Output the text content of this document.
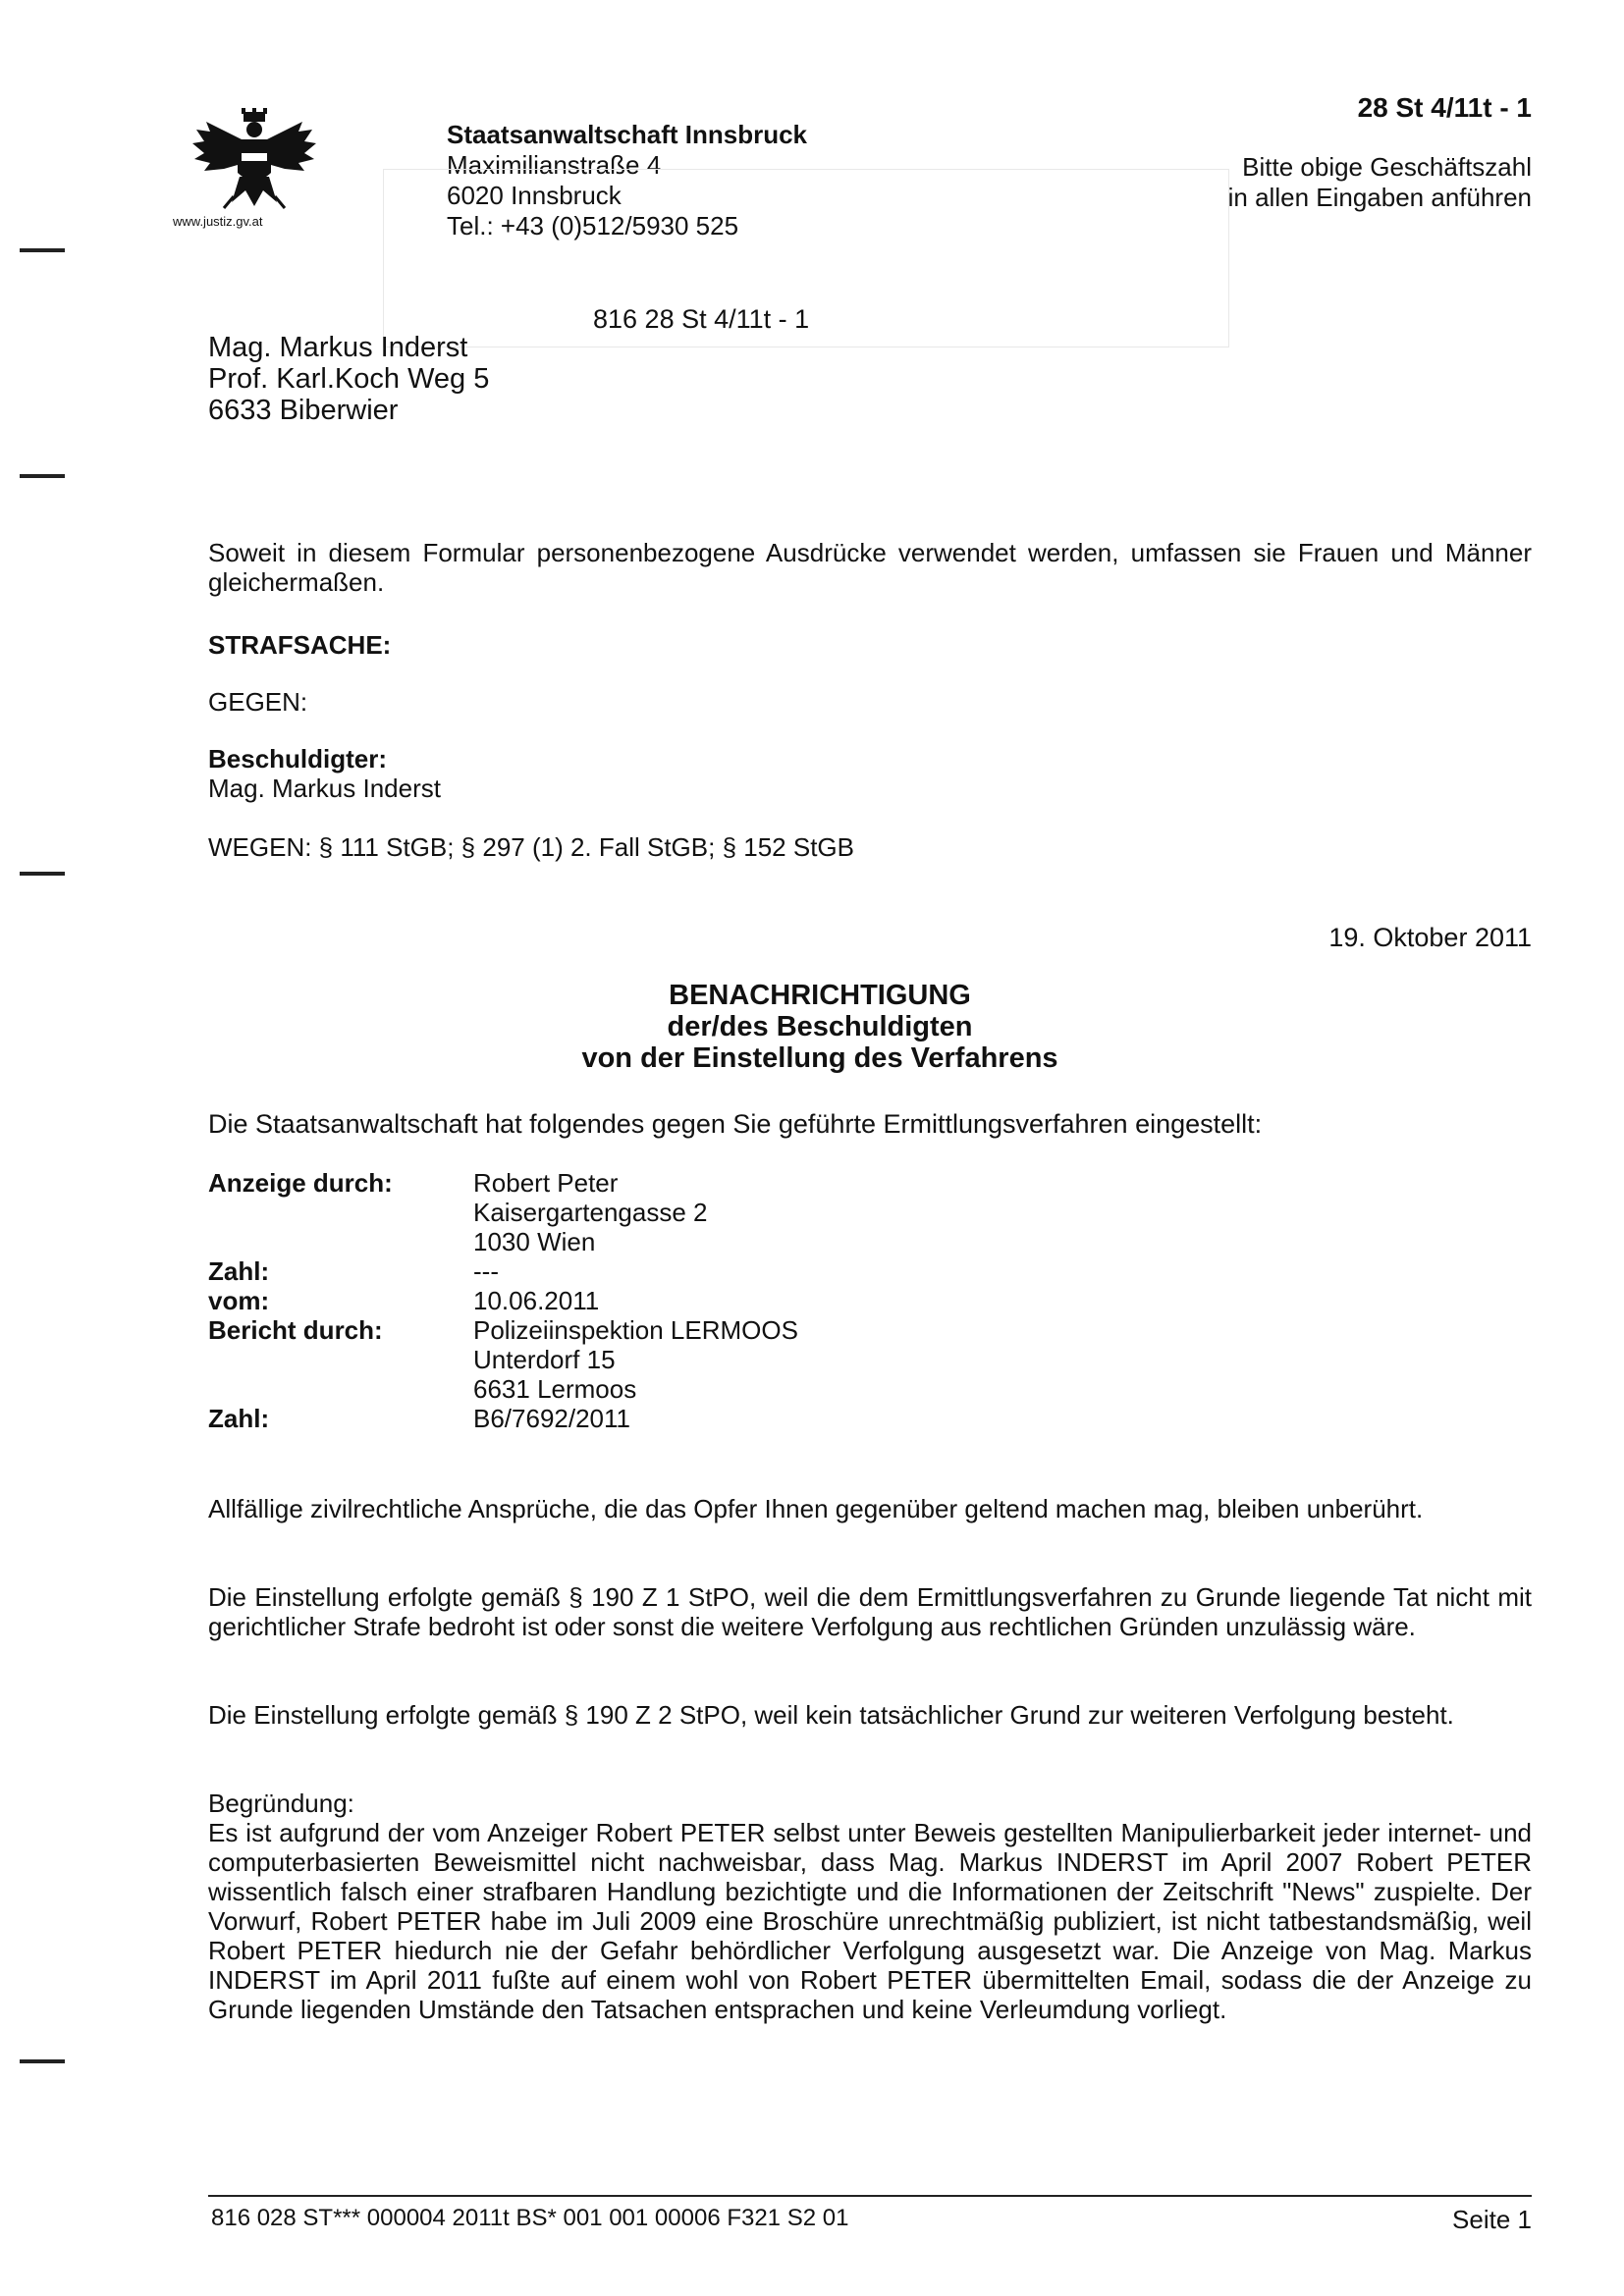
www.justiz.gv.at
Staatsanwaltschaft Innsbruck
Maximilianstraße 4
6020 Innsbruck
Tel.: +43 (0)512/5930 525
28 St 4/11t - 1
Bitte obige Geschäftszahl
in allen Eingaben anführen
816 28 St 4/11t - 1
Mag. Markus Inderst
Prof. Karl.Koch Weg 5
6633 Biberwier
Soweit in diesem Formular personenbezogene Ausdrücke verwendet werden, umfassen sie Frauen und Männer gleichermaßen.
STRAFSACHE:
GEGEN:
Beschuldigter:
Mag. Markus Inderst
WEGEN: § 111 StGB; § 297 (1) 2. Fall StGB; § 152 StGB
19. Oktober 2011
BENACHRICHTIGUNG
der/des Beschuldigten
von der Einstellung des Verfahrens
Die Staatsanwaltschaft hat folgendes gegen Sie geführte Ermittlungsverfahren eingestellt:
Anzeige durch:	Robert Peter
Kaisergartengasse 2
1030 Wien
Zahl:	---
vom:	10.06.2011
Bericht durch:	Polizeiinspektion LERMOOS
Unterdorf 15
6631 Lermoos
Zahl:	B6/7692/2011
Allfällige zivilrechtliche Ansprüche, die das Opfer Ihnen gegenüber geltend machen mag, bleiben unberührt.
Die Einstellung erfolgte gemäß § 190 Z 1 StPO, weil die dem Ermittlungsverfahren zu Grunde liegende Tat nicht mit gerichtlicher Strafe bedroht ist oder sonst die weitere Verfolgung aus rechtlichen Gründen unzulässig wäre.
Die Einstellung erfolgte gemäß § 190 Z 2 StPO, weil kein tatsächlicher Grund zur weiteren Verfolgung besteht.
Begründung:
Es ist aufgrund der vom Anzeiger Robert PETER selbst unter Beweis gestellten Manipulierbarkeit jeder internet- und computerbasierten Beweismittel nicht nachweisbar, dass Mag. Markus INDERST im April 2007 Robert PETER wissentlich falsch einer strafbaren Handlung bezichtigte und die Informationen der Zeitschrift "News" zuspielte. Der Vorwurf, Robert PETER habe im Juli 2009 eine Broschüre unrechtmäßig publiziert, ist nicht tatbestandsmäßig, weil Robert PETER hiedurch nie der Gefahr behördlicher Verfolgung ausgesetzt war. Die Anzeige von Mag. Markus INDERST im April 2011 fußte auf einem wohl von Robert PETER übermittelten Email, sodass die der Anzeige zu Grunde liegenden Umstände den Tatsachen entsprachen und keine Verleumdung vorliegt.
816 028 ST*** 000004 2011t BS* 001 001 00006 F321 S2 01	Seite 1
